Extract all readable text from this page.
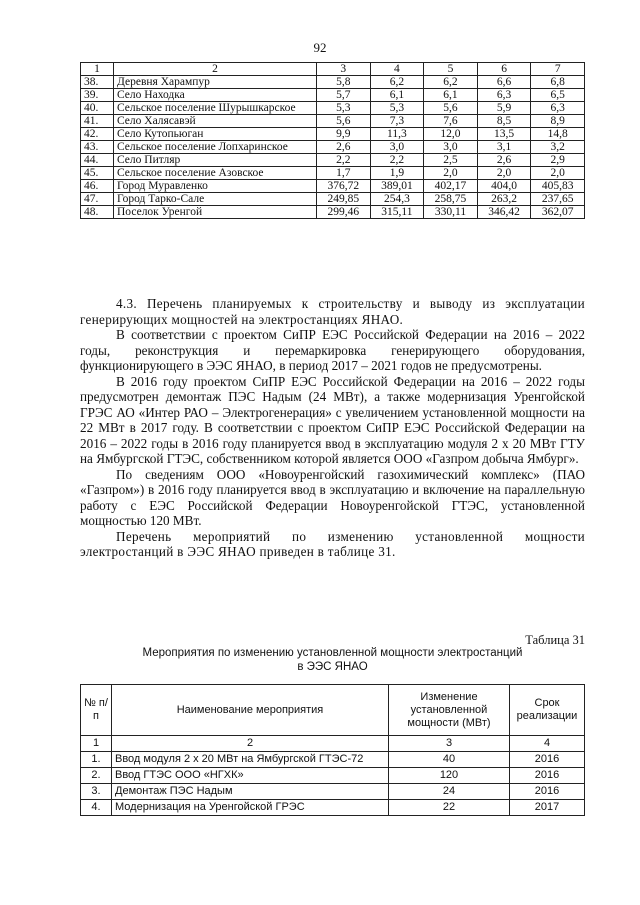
92
1	2	3	4	5	6	7
38.	Деревня Харампур	5,8	6,2	6,2	6,6	6,8
39.	Село Находка	5,7	6,1	6,1	6,3	6,5
40.	Сельское поселение Шурышкарское	5,3	5,3	5,6	5,9	6,3
41.	Село Халясавэй	5,6	7,3	7,6	8,5	8,9
42.	Село Кутопьюган	9,9	11,3	12,0	13,5	14,8
43.	Сельское поселение Лопхаринское	2,6	3,0	3,0	3,1	3,2
44.	Село Питляр	2,2	2,2	2,5	2,6	2,9
45.	Сельское поселение Азовское	1,7	1,9	2,0	2,0	2,0
46.	Город Муравленко	376,72	389,01	402,17	404,0	405,83
47.	Город Тарко-Сале	249,85	254,3	258,75	263,2	237,65
48.	Поселок Уренгой	299,46	315,11	330,11	346,42	362,07

4.3. Перечень планируемых к строительству и выводу из эксплуатации генерирующих мощностей на электростанциях ЯНАО.

В соответствии с проектом СиПР ЕЭС Российской Федерации на 2016 – 2022 годы, реконструкция и перемаркировка генерирующего оборудования, функционирующего в ЭЭС ЯНАО, в период 2017 – 2021 годов не предусмотрены.

В 2016 году проектом СиПР ЕЭС Российской Федерации на 2016 – 2022 годы предусмотрен демонтаж ПЭС Надым (24 МВт), а также модернизация Уренгойской ГРЭС АО «Интер РАО – Электрогенерация» с увеличением установленной мощности на 22 МВт в 2017 году. В соответствии с проектом СиПР ЕЭС Российской Федерации на 2016 – 2022 годы в 2016 году планируется ввод в эксплуатацию модуля 2 х 20 МВт ГТУ на Ямбургской ГТЭС, собственником которой является ООО «Газпром добыча Ямбург».

По сведениям ООО «Новоуренгойский газохимический комплекс» (ПАО «Газпром») в 2016 году планируется ввод в эксплуатацию и включение на параллельную работу с ЕЭС Российской Федерации Новоуренгойской ГТЭС, установленной мощностью 120 МВт.

Перечень мероприятий по изменению установленной мощности электростанций в ЭЭС ЯНАО приведен в таблице 31.

Таблица 31
Мероприятия по изменению установленной мощности электростанций
в ЭЭС ЯНАО
№ п/п	Наименование мероприятия	Изменение установленной мощности (МВт)	Срок реализации
1	2	3	4
1.	Ввод модуля 2 х 20 МВт на Ямбургской ГТЭС-72	40	2016
2.	Ввод ГТЭС ООО «НГХК»	120	2016
3.	Демонтаж ПЭС Надым	24	2016
4.	Модернизация на Уренгойской ГРЭС	22	2017
